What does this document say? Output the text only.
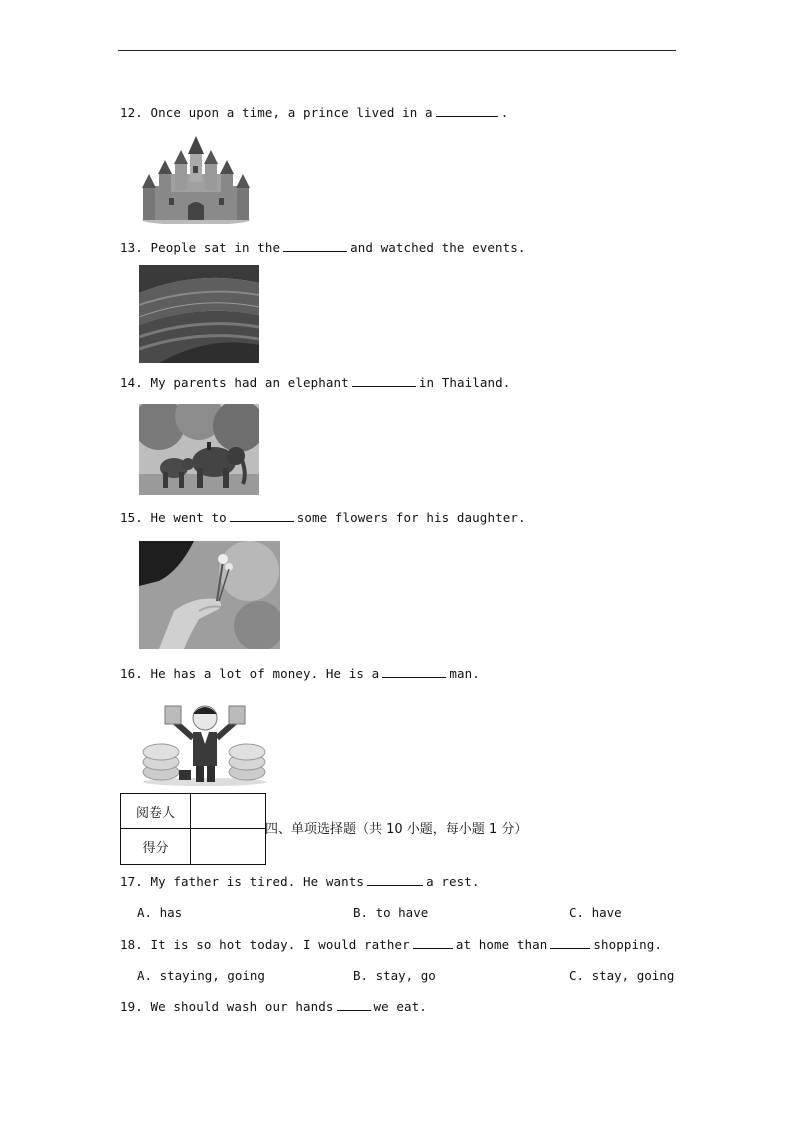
12. Once upon a time, a prince lived in a	.
13. People sat in the	and watched the events.
14. My parents had an elephant	in Thailand.
15. He went to	some flowers for his daughter.
16. He has a lot of money. He is a	man.
阅卷人
得分
四、单项选择题（共 10 小题，每小题 1 分）
17. My father is tired. He wants	a rest.
A. has	B. to have	C. have
18. It is so hot today. I would rather	at home than	shopping.
A. staying, going	B. stay, go	C. stay, going
19. We should wash our hands	we eat.
